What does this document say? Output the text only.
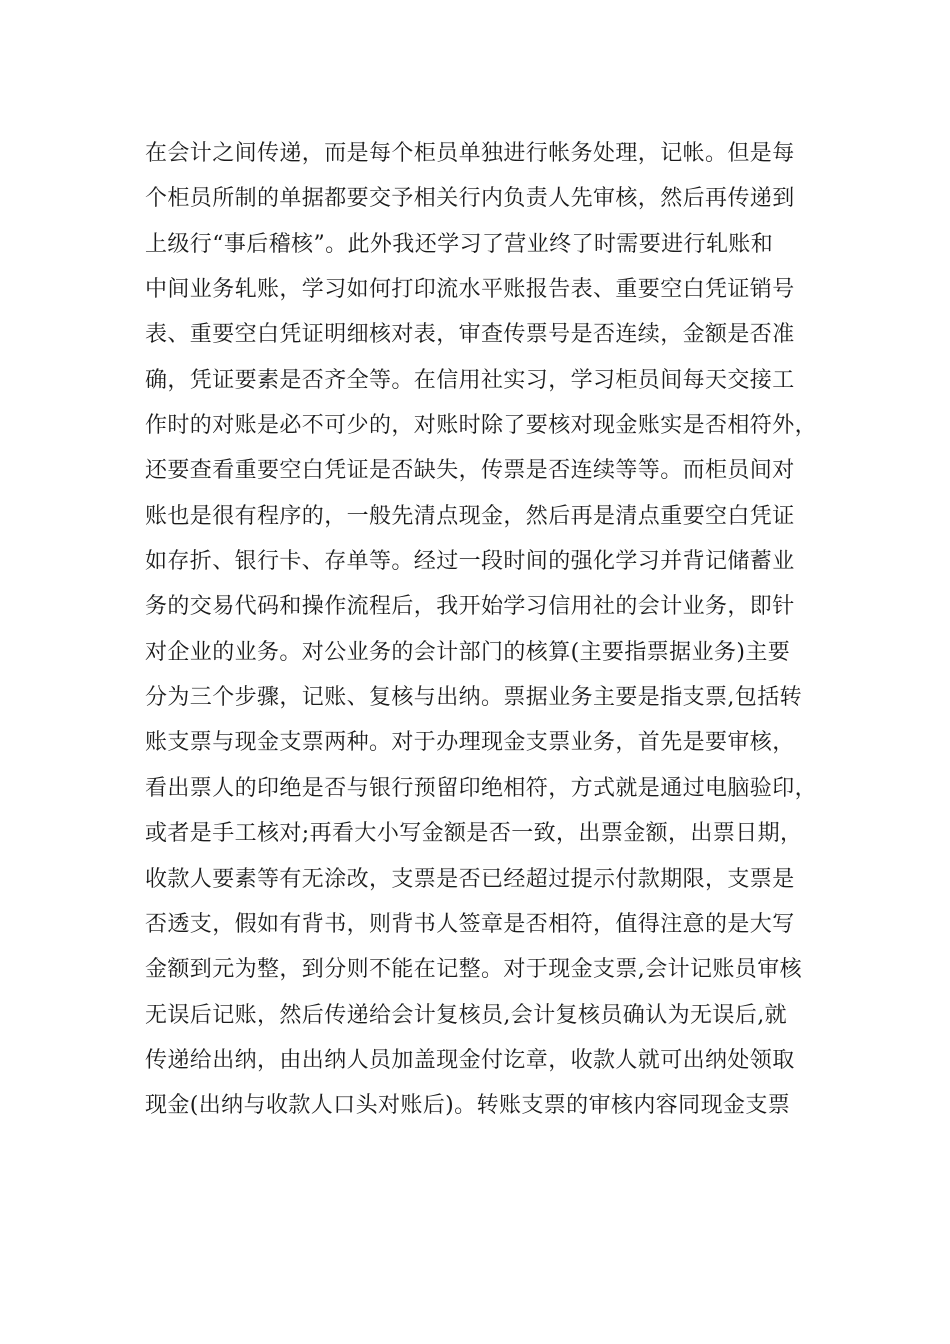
在会计之间传递，而是每个柜员单独进行帐务处理，记帐。但是每
个柜员所制的单据都要交予相关行内负责人先审核，然后再传递到
上级行“事后稽核”。此外我还学习了营业终了时需要进行轧账和
中间业务轧账，学习如何打印流水平账报告表、重要空白凭证销号
表、重要空白凭证明细核对表，审查传票号是否连续，金额是否准
确，凭证要素是否齐全等。在信用社实习，学习柜员间每天交接工
作时的对账是必不可少的，对账时除了要核对现金账实是否相符外，
还要查看重要空白凭证是否缺失，传票是否连续等等。而柜员间对
账也是很有程序的，一般先清点现金，然后再是清点重要空白凭证
如存折、银行卡、存单等。经过一段时间的强化学习并背记储蓄业
务的交易代码和操作流程后，我开始学习信用社的会计业务，即针
对企业的业务。对公业务的会计部门的核算(主要指票据业务)主要
分为三个步骤，记账、复核与出纳。票据业务主要是指支票,包括转
账支票与现金支票两种。对于办理现金支票业务，首先是要审核，
看出票人的印绝是否与银行预留印绝相符，方式就是通过电脑验印，
或者是手工核对;再看大小写金额是否一致，出票金额，出票日期，
收款人要素等有无涂改，支票是否已经超过提示付款期限，支票是
否透支，假如有背书，则背书人签章是否相符，值得注意的是大写
金额到元为整，到分则不能在记整。对于现金支票,会计记账员审核
无误后记账，然后传递给会计复核员,会计复核员确认为无误后,就
传递给出纳，由出纳人员加盖现金付讫章，收款人就可出纳处领取
现金(出纳与收款人口头对账后)。转账支票的审核内容同现金支票
